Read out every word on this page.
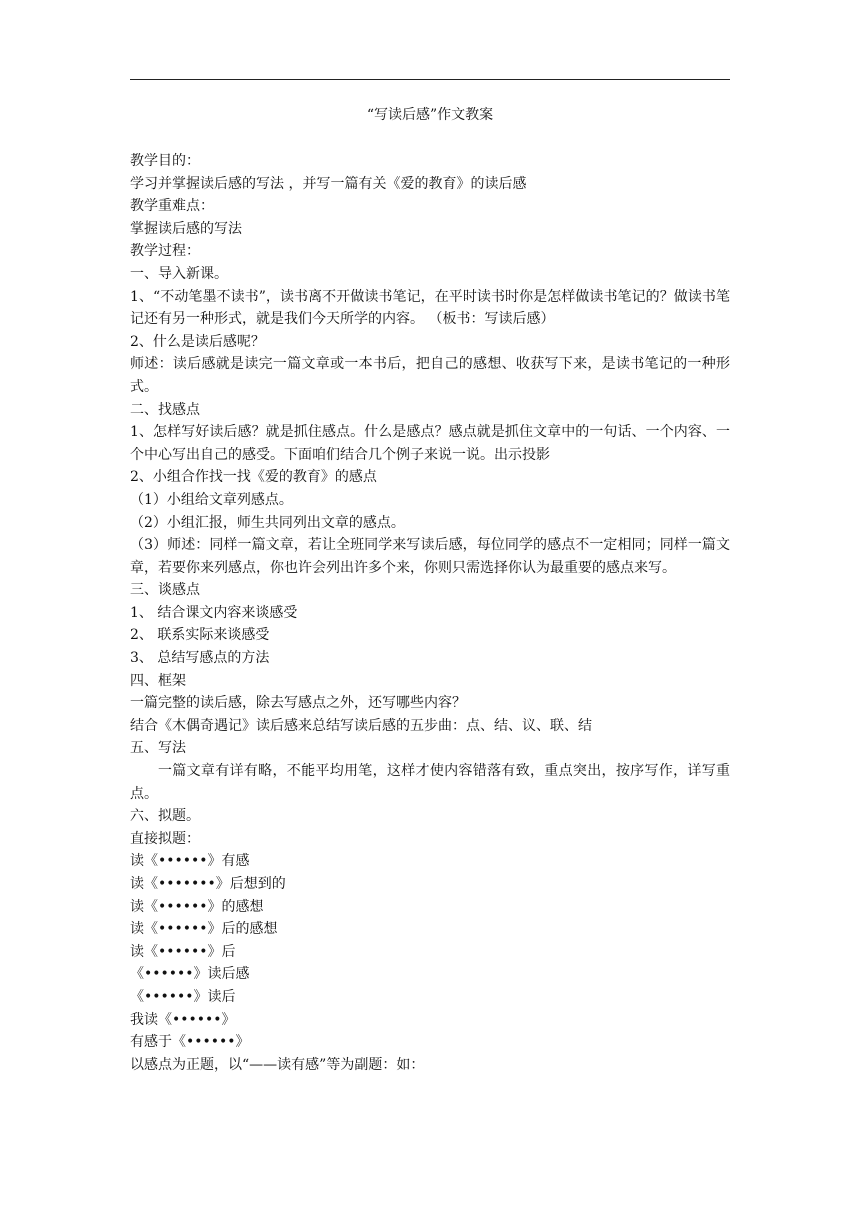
“写读后感”作文教案

教学目的：

学习并掌握读后感的写法 ，并写一篇有关《爱的教育》的读后感

教学重难点：

掌握读后感的写法

教学过程：

一、导入新课。

1、“不动笔墨不读书”，读书离不开做读书笔记，在平时读书时你是怎样做读书笔记的？做读书笔记还有另一种形式，就是我们今天所学的内容。 （板书：写读后感）

2、什么是读后感呢？

师述：读后感就是读完一篇文章或一本书后，把自己的感想、收获写下来，是读书笔记的一种形式。

二、找感点

1、怎样写好读后感？就是抓住感点。什么是感点？感点就是抓住文章中的一句话、一个内容、一个中心写出自己的感受。下面咱们结合几个例子来说一说。出示投影

2、小组合作找一找《爱的教育》的感点

（1）小组给文章列感点。

（2）小组汇报，师生共同列出文章的感点。

（3）师述：同样一篇文章，若让全班同学来写读后感，每位同学的感点不一定相同；同样一篇文章，若要你来列感点，你也许会列出许多个来，你则只需选择你认为最重要的感点来写。

三、谈感点

1、 结合课文内容来谈感受

2、 联系实际来谈感受

3、 总结写感点的方法

四、框架

一篇完整的读后感，除去写感点之外，还写哪些内容？

结合《木偶奇遇记》读后感来总结写读后感的五步曲：点、结、议、联、结

五、写法

一篇文章有详有略，不能平均用笔，这样才使内容错落有致，重点突出，按序写作，详写重点。

六、拟题。

直接拟题：

读《••••••》有感

读《•••••••》后想到的

读《••••••》的感想

读《••••••》后的感想

读《••••••》后

《••••••》读后感

《••••••》读后

我读《••••••》

有感于《••••••》

以感点为正题，以“——读有感”等为副题：如：
